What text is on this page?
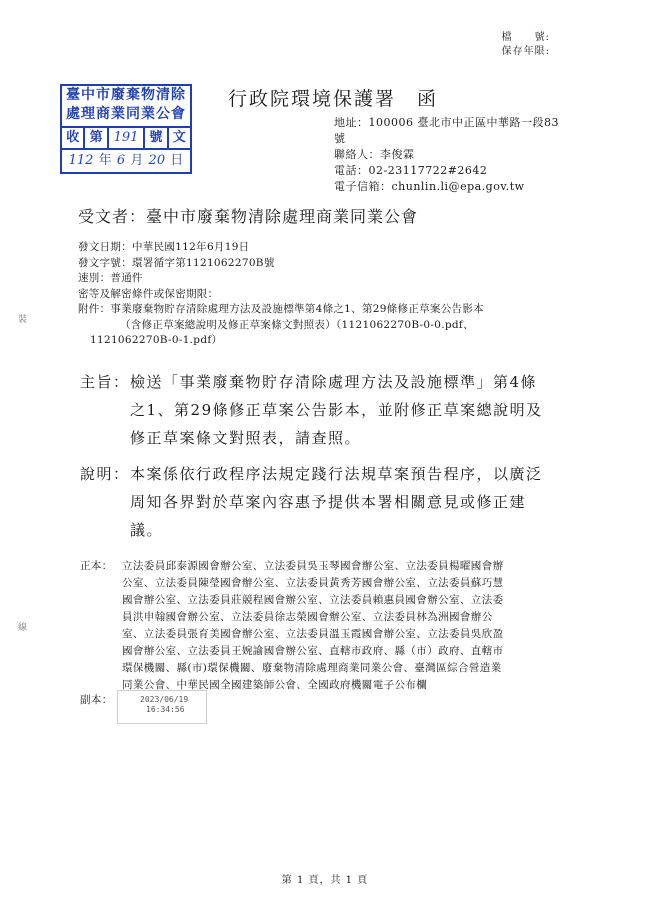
檔　　號:
保存年限:
臺中市廢棄物清除
處理商業同業公會
收 第 191 號 文
112 年 6 月 20 日
行政院環境保護署　函
地址：100006 臺北市中正區中華路一段83
號
聯絡人：李俊霖
電話：02-23117722#2642
電子信箱：chunlin.li@epa.gov.tw
受文者：臺中市廢棄物清除處理商業同業公會
發文日期：中華民國112年6月19日
發文字號：環署循字第1121062270B號
速別：普通件
密等及解密條件或保密期限：
附件：事業廢棄物貯存清除處理方法及設施標準第4條之1、第29條修正草案公告影本
（含修正草案總說明及修正草案條文對照表）（1121062270B-0-0.pdf、
1121062270B-0-1.pdf）
主旨：檢送「事業廢棄物貯存清除處理方法及設施標準」第4條
之1、第29條修正草案公告影本，並附修正草案總說明及
修正草案條文對照表，請查照。
說明：本案係依行政程序法規定踐行法規草案預告程序，以廣泛
周知各界對於草案內容惠予提供本署相關意見或修正建
議。
正本： 立法委員邱泰源國會辦公室、立法委員吳玉琴國會辦公室、立法委員楊曜國會辦
公室、立法委員陳瑩國會辦公室、立法委員黃秀芳國會辦公室、立法委員蘇巧慧
國會辦公室、立法委員莊競程國會辦公室、立法委員賴惠員國會辦公室、立法委
員洪申翰國會辦公室、立法委員徐志榮國會辦公室、立法委員林為洲國會辦公
室、立法委員張育美國會辦公室、立法委員溫玉霞國會辦公室、立法委員吳欣盈
國會辦公室、立法委員王婉諭國會辦公室、直轄市政府、縣（市）政府、直轄市
環保機關、縣(市)環保機關、廢棄物清除處理商業同業公會、臺灣區綜合營造業
同業公會、中華民國全國建築師公會、全國政府機關電子公布欄
副本：	2023/06/19
16:34:56
裝
線
第 1 頁，共 1 頁
